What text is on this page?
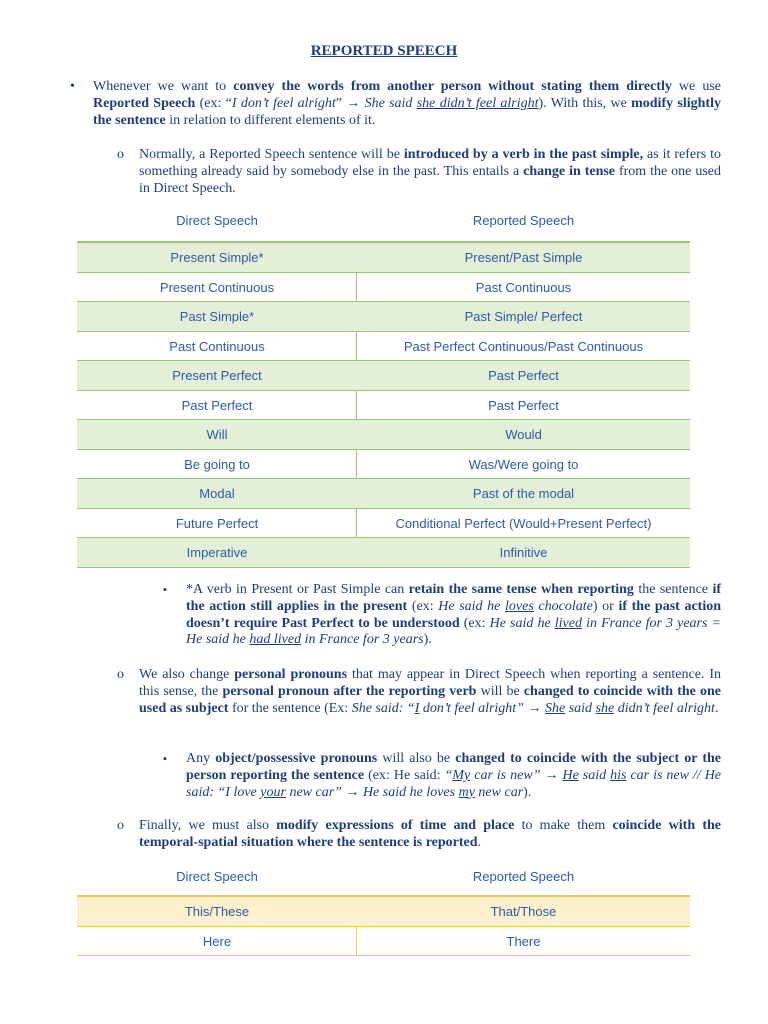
REPORTED SPEECH
• Whenever we want to convey the words from another person without stating them directly we use Reported Speech (ex: “I don’t feel alright” → She said she didn’t feel alright). With this, we modify slightly the sentence in relation to different elements of it.
o Normally, a Reported Speech sentence will be introduced by a verb in the past simple, as it refers to something already said by somebody else in the past. This entails a change in tense from the one used in Direct Speech.
Direct Speech	Reported Speech
Present Simple*	Present/Past Simple
Present Continuous	Past Continuous
Past Simple*	Past Simple/ Perfect
Past Continuous	Past Perfect Continuous/Past Continuous
Present Perfect	Past Perfect
Past Perfect	Past Perfect
Will	Would
Be going to	Was/Were going to
Modal	Past of the modal
Future Perfect	Conditional Perfect (Would+Present Perfect)
Imperative	Infinitive
▪ *A verb in Present or Past Simple can retain the same tense when reporting the sentence if the action still applies in the present (ex: He said he loves chocolate) or if the past action doesn’t require Past Perfect to be understood (ex: He said he lived in France for 3 years = He said he had lived in France for 3 years).
o We also change personal pronouns that may appear in Direct Speech when reporting a sentence. In this sense, the personal pronoun after the reporting verb will be changed to coincide with the one used as subject for the sentence (Ex: She said: “I don’t feel alright” → She said she didn’t feel alright.
▪ Any object/possessive pronouns will also be changed to coincide with the subject or the person reporting the sentence (ex: He said: “My car is new” → He said his car is new // He said: “I love your new car” → He said he loves my new car).
o Finally, we must also modify expressions of time and place to make them coincide with the temporal-spatial situation where the sentence is reported.
Direct Speech	Reported Speech
This/These	That/Those
Here	There
